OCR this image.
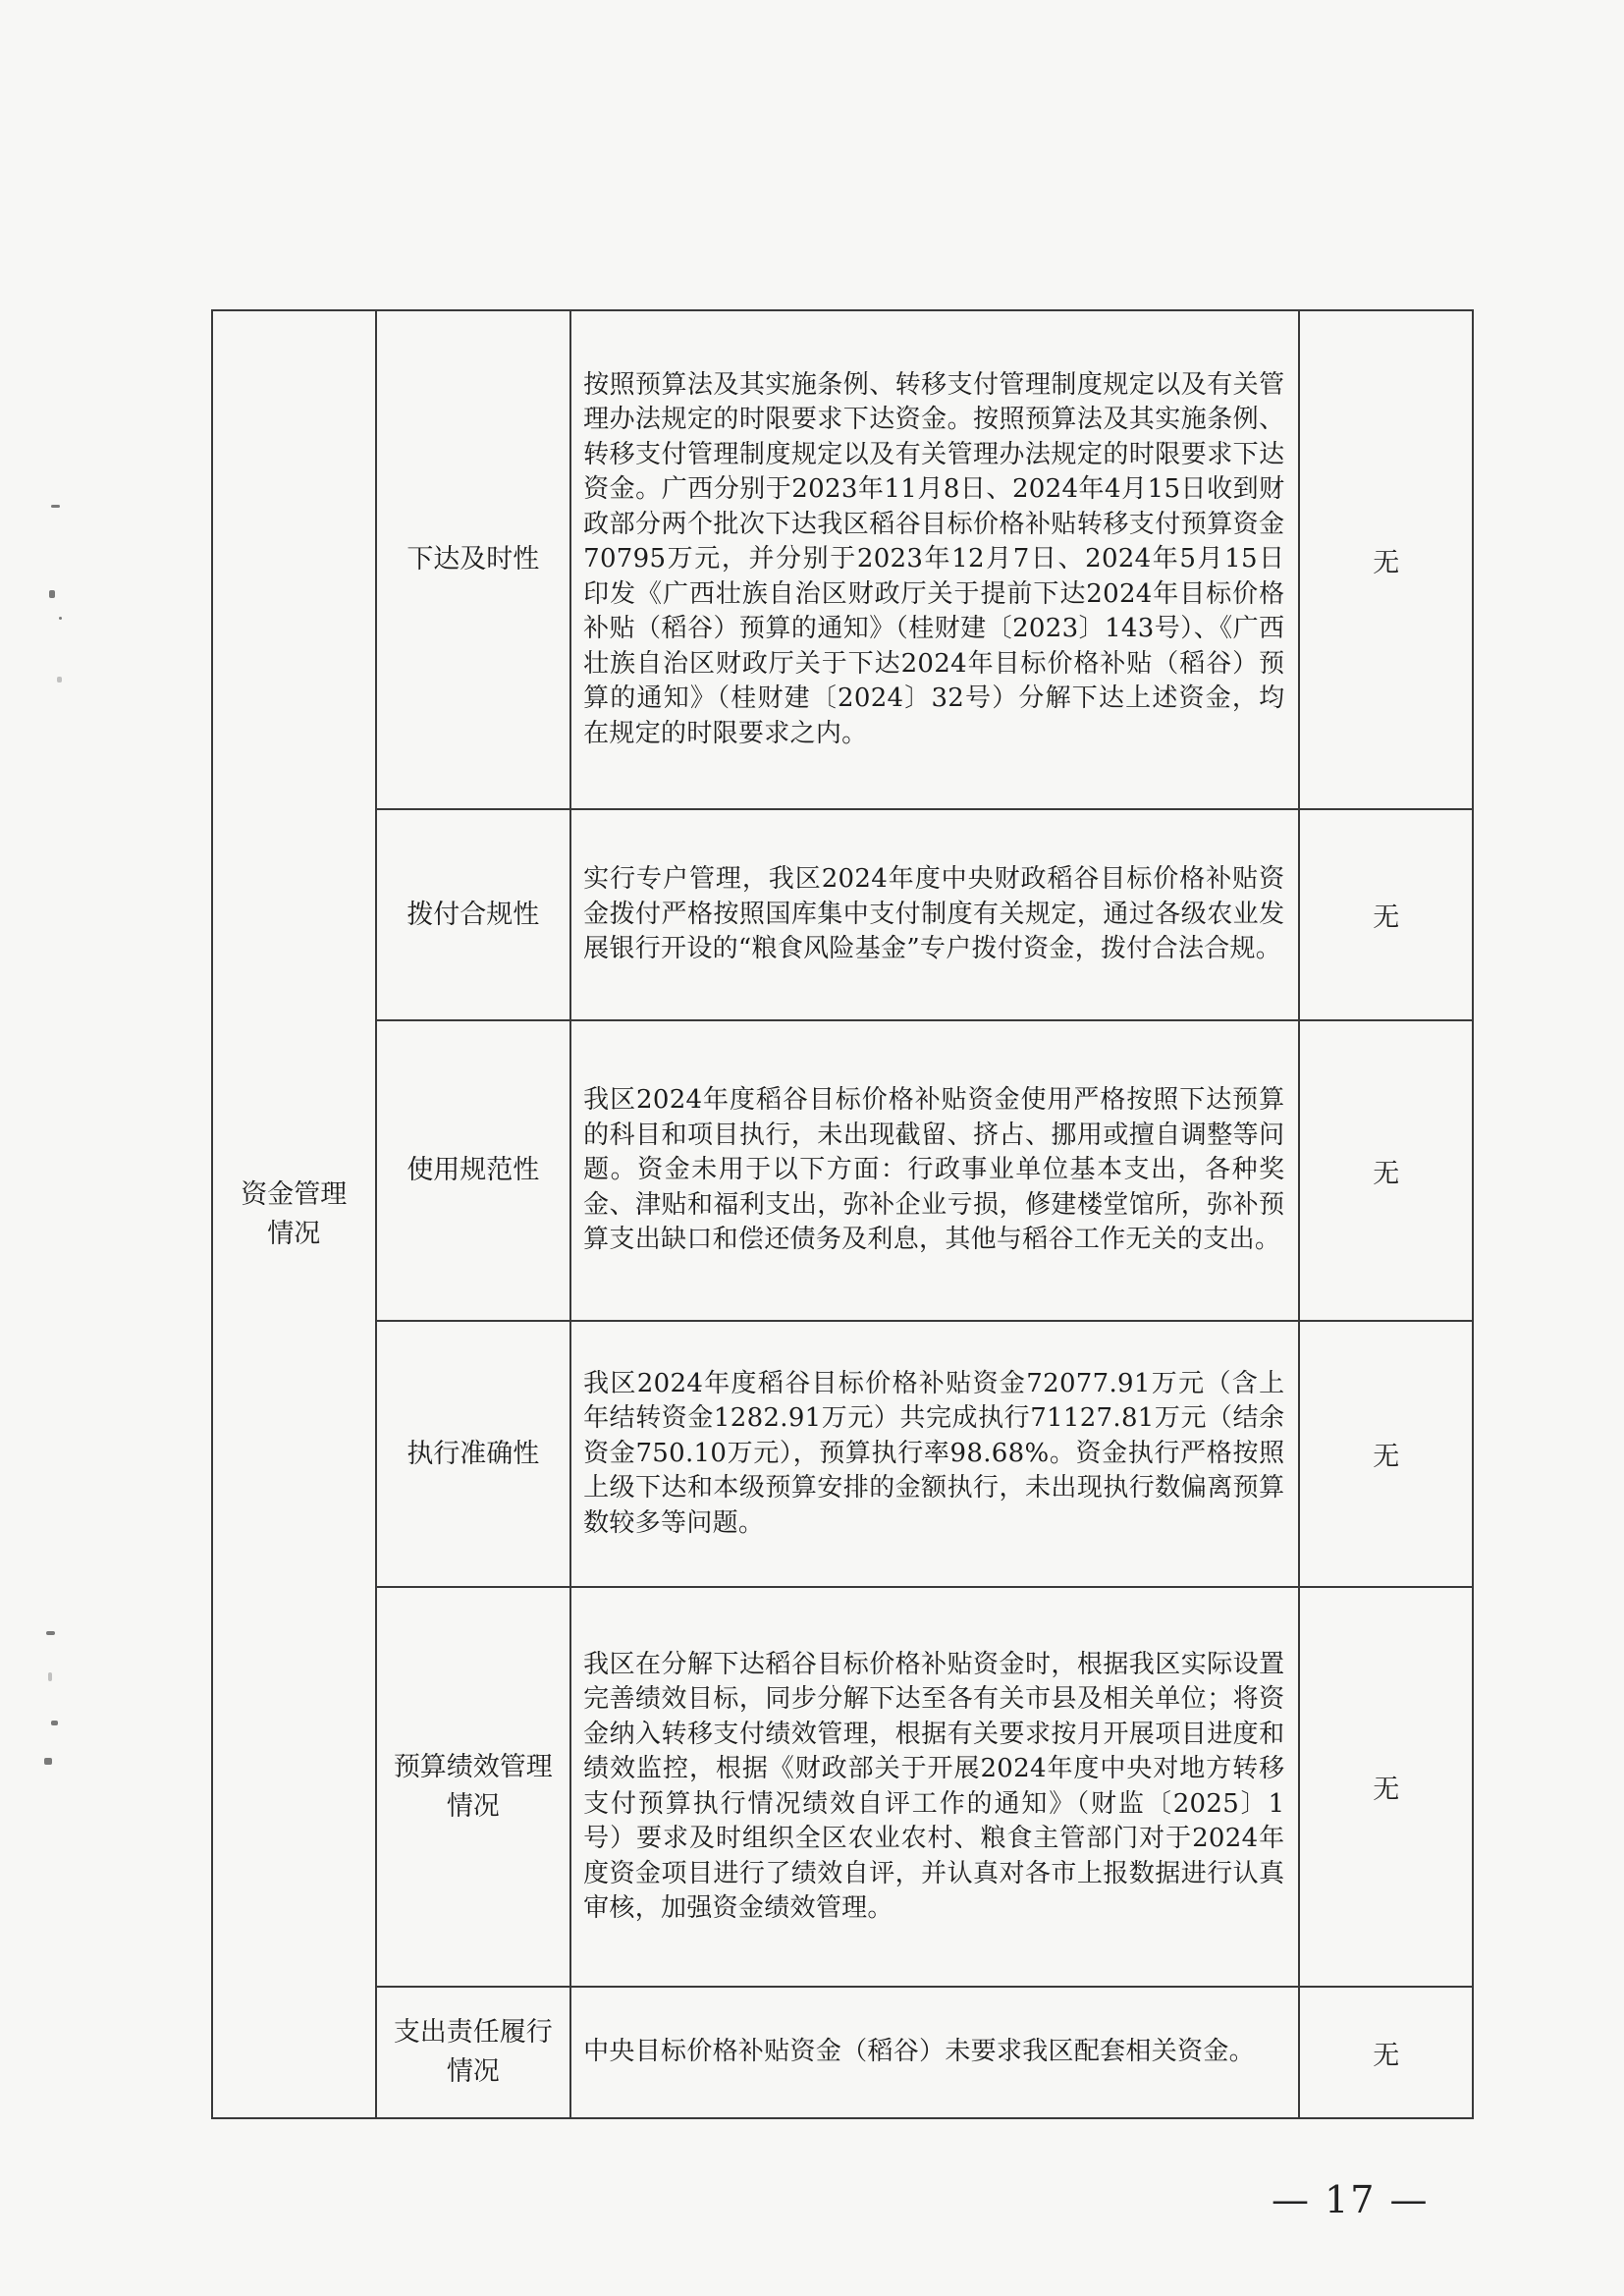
资金管理情况	下达及时性	按照预算法及其实施条例、转移支付管理制度规定以及有关管理办法规定的时限要求下达资金。按照预算法及其实施条例、转移支付管理制度规定以及有关管理办法规定的时限要求下达资金。广西分别于2023年11月8日、2024年4月15日收到财政部分两个批次下达我区稻谷目标价格补贴转移支付预算资金70795万元，并分别于2023年12月7日、2024年5月15日印发《广西壮族自治区财政厅关于提前下达2024年目标价格补贴（稻谷）预算的通知》（桂财建〔2023〕143号）、《广西壮族自治区财政厅关于下达2024年目标价格补贴（稻谷）预算的通知》（桂财建〔2024〕32号）分解下达上述资金，均在规定的时限要求之内。	无
	拨付合规性	实行专户管理，我区2024年度中央财政稻谷目标价格补贴资金拨付严格按照国库集中支付制度有关规定，通过各级农业发展银行开设的“粮食风险基金”专户拨付资金，拨付合法合规。	无
	使用规范性	我区2024年度稻谷目标价格补贴资金使用严格按照下达预算的科目和项目执行，未出现截留、挤占、挪用或擅自调整等问题。资金未用于以下方面：行政事业单位基本支出，各种奖金、津贴和福利支出，弥补企业亏损，修建楼堂馆所，弥补预算支出缺口和偿还债务及利息，其他与稻谷工作无关的支出。	无
	执行准确性	我区2024年度稻谷目标价格补贴资金72077.91万元（含上年结转资金1282.91万元）共完成执行71127.81万元（结余资金750.10万元），预算执行率98.68%。资金执行严格按照上级下达和本级预算安排的金额执行，未出现执行数偏离预算数较多等问题。	无
	预算绩效管理情况	我区在分解下达稻谷目标价格补贴资金时，根据我区实际设置完善绩效目标，同步分解下达至各有关市县及相关单位；将资金纳入转移支付绩效管理，根据有关要求按月开展项目进度和绩效监控，根据《财政部关于开展2024年度中央对地方转移支付预算执行情况绩效自评工作的通知》（财监〔2025〕1号）要求及时组织全区农业农村、粮食主管部门对于2024年度资金项目进行了绩效自评，并认真对各市上报数据进行认真审核，加强资金绩效管理。	无
	支出责任履行情况	中央目标价格补贴资金（稻谷）未要求我区配套相关资金。	无
— 17 —
